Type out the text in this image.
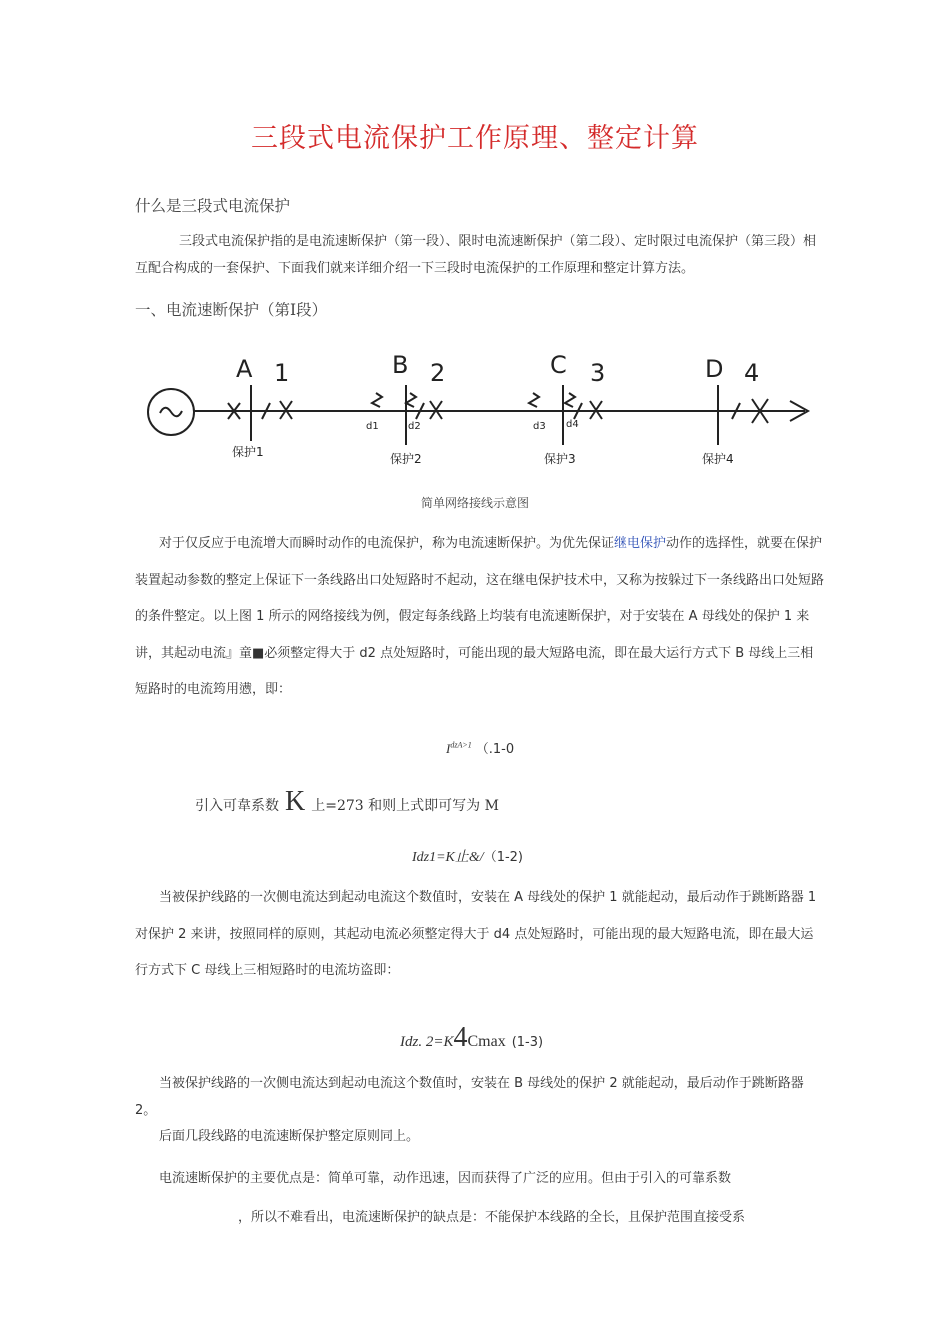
三段式电流保护工作原理、整定计算
什么是三段式电流保护
三段式电流保护指的是电流速断保护（第一段）、限时电流速断保护（第二段）、定时限过电流保护（第三段）相互配合构成的一套保护、下面我们就来详细介绍一下三段时电流保护的工作原理和整定计算方法。
一、电流速断保护（第Ⅰ段）
A	B	C	D
1	2	3	4
d1	d2	d3 d4
保护1	保护2	保护3	保护4
简单网络接线示意图
对于仅反应于电流增大而瞬时动作的电流保护，称为电流速断保护。为优先保证继电保护动作的选择性，就要在保护装置起动参数的整定上保证下一条线路出口处短路时不起动，这在继电保护技术中，又称为按躲过下一条线路出口处短路的条件整定。以上图 1 所示的网络接线为例，假定每条线路上均装有电流速断保护，对于安装在 A 母线处的保护 1 来讲，其起动电流』童■必须整定得大于 d2 点处短路时，可能出现的最大短路电流，即在最大运行方式下 B 母线上三相短路时的电流筠用懑，即：
$I^{dzA>1}$ （.1-0
引入可韋系数 K 上=273 和则上式即可写为 M
Idz1=K止&/（1-2)
当被保护线路的一次侧电流达到起动电流这个数值时，安装在 A 母线处的保护 1 就能起动，最后动作于跳断路器 1 对保护 2 来讲，按照同样的原则，其起动电流必须整定得大于 d4 点处短路时，可能出现的最大短路电流，即在最大运行方式下 C 母线上三相短路时的电流坊盗即：
Idz. 2=K4Cmax (1-3)
当被保护线路的一次侧电流达到起动电流这个数值时，安装在 B 母线处的保护 2 就能起动，最后动作于跳断路器 2。
后面几段线路的电流速断保护整定原则同上。
电流速断保护的主要优点是：简单可靠，动作迅速，因而获得了广泛的应用。但由于引入的可靠系数
，所以不难看出，电流速断保护的缺点是：不能保护本线路的全长，且保护范围直接受系
